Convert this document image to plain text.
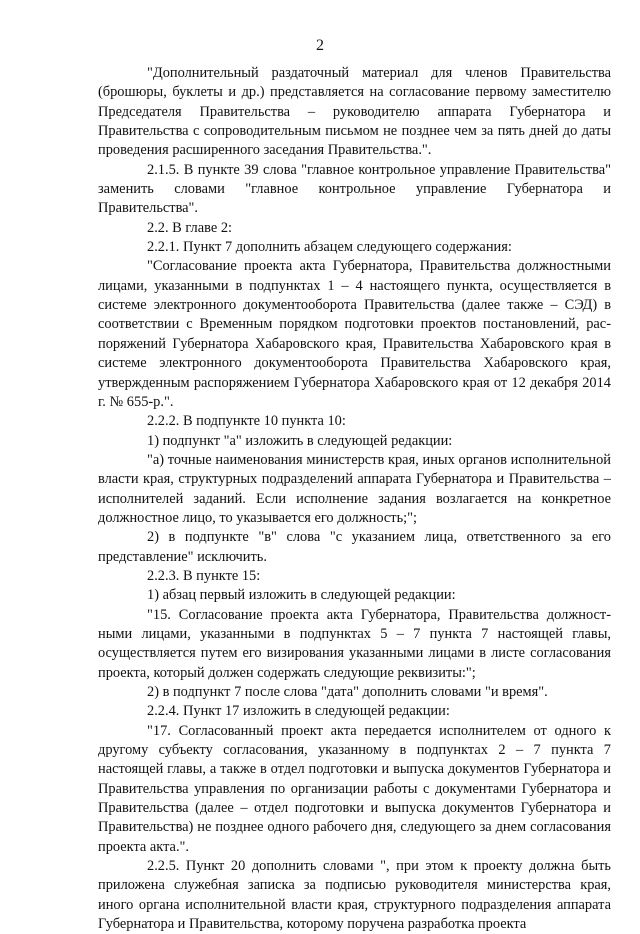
2

"Дополнительный раздаточный материал для членов Правительства (брошюры, буклеты и др.) представляется на согласование первому заместителю Председателя Правительства – руководителю аппарата Губернатора и Правительства с сопроводительным письмом не позднее чем за пять дней до даты проведения расширенного заседания Правительства.".

2.1.5. В пункте 39 слова "главное контрольное управление Правительства" заменить словами "главное контрольное управление Губернатора и Правительства".

2.2. В главе 2:

2.2.1. Пункт 7 дополнить абзацем следующего содержания:

"Согласование проекта акта Губернатора, Правительства должностными лицами, указанными в подпунктах 1 – 4 настоящего пункта, осуществляется в системе электронного документооборота Правительства (далее также – СЭД) в соответствии с Временным порядком подготовки проектов постановлений, распоряжений Губернатора Хабаровского края, Правительства Хабаровского края в системе электронного документооборота Правительства Хабаровского края, утвержденным распоряжением Губернатора Хабаровского края от 12 декабря 2014 г. № 655-р.".

2.2.2. В подпункте 10 пункта 10:

1) подпункт "а" изложить в следующей редакции:

"а) точные наименования министерств края, иных органов исполнительной власти края, структурных подразделений аппарата Губернатора и Правительства – исполнителей заданий. Если исполнение задания возлагается на конкретное должностное лицо, то указывается его должность;";

2) в подпункте "в" слова "с указанием лица, ответственного за его представление" исключить.

2.2.3. В пункте 15:

1) абзац первый изложить в следующей редакции:

"15. Согласование проекта акта Губернатора, Правительства должностными лицами, указанными в подпунктах 5 – 7 пункта 7 настоящей главы, осуществляется путем его визирования указанными лицами в листе согласования проекта, который должен содержать следующие реквизиты:";

2) в подпункт 7 после слова "дата" дополнить словами "и время".

2.2.4. Пункт 17 изложить в следующей редакции:

"17. Согласованный проект акта передается исполнителем от одного к другому субъекту согласования, указанному в подпунктах 2 – 7 пункта 7 настоящей главы, а также в отдел подготовки и выпуска документов Губернатора и Правительства управления по организации работы с документами Губернатора и Правительства (далее – отдел подготовки и выпуска документов Губернатора и Правительства) не позднее одного рабочего дня, следующего за днем согласования проекта акта.".

2.2.5. Пункт 20 дополнить словами ", при этом к проекту должна быть приложена служебная записка за подписью руководителя министерства края, иного органа исполнительной власти края, структурного подразделения аппарата Губернатора и Правительства, которому поручена разработка проекта
